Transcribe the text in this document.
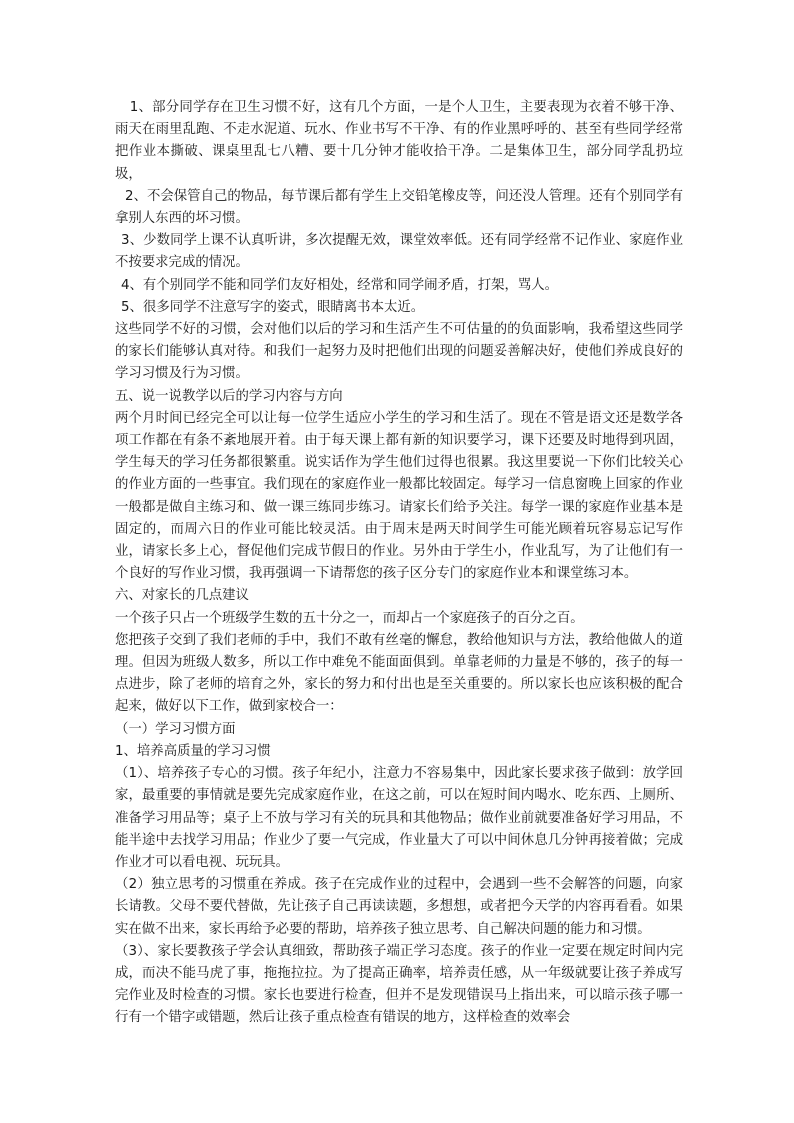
1、部分同学存在卫生习惯不好，这有几个方面，一是个人卫生，主要表现为衣着不够干净、雨天在雨里乱跑、不走水泥道、玩水、作业书写不干净、有的作业黑呼呼的、甚至有些同学经常把作业本撕破、课桌里乱七八糟、要十几分钟才能收拾干净。二是集体卫生，部分同学乱扔垃圾，

2、不会保管自己的物品，每节课后都有学生上交铅笔橡皮等，问还没人管理。还有个别同学有拿别人东西的坏习惯。

3、少数同学上课不认真听讲，多次提醒无效，课堂效率低。还有同学经常不记作业、家庭作业不按要求完成的情况。

4、有个别同学不能和同学们友好相处，经常和同学闹矛盾，打架，骂人。

5、很多同学不注意写字的姿式，眼睛离书本太近。

这些同学不好的习惯，会对他们以后的学习和生活产生不可估量的的负面影响，我希望这些同学的家长们能够认真对待。和我们一起努力及时把他们出现的问题妥善解决好，使他们养成良好的学习习惯及行为习惯。

五、说一说教学以后的学习内容与方向

两个月时间已经完全可以让每一位学生适应小学生的学习和生活了。现在不管是语文还是数学各项工作都在有条不紊地展开着。由于每天课上都有新的知识要学习，课下还要及时地得到巩固，学生每天的学习任务都很繁重。说实话作为学生他们过得也很累。我这里要说一下你们比较关心的作业方面的一些事宜。我们现在的家庭作业一般都比较固定。每学习一信息窗晚上回家的作业一般都是做自主练习和、做一课三练同步练习。请家长们给予关注。每学一课的家庭作业基本是固定的，而周六日的作业可能比较灵活。由于周末是两天时间学生可能光顾着玩容易忘记写作业，请家长多上心，督促他们完成节假日的作业。另外由于学生小，作业乱写，为了让他们有一个良好的写作业习惯，我再强调一下请帮您的孩子区分专门的家庭作业本和课堂练习本。

六、对家长的几点建议

一个孩子只占一个班级学生数的五十分之一，而却占一个家庭孩子的百分之百。

您把孩子交到了我们老师的手中，我们不敢有丝毫的懈怠，教给他知识与方法，教给他做人的道理。但因为班级人数多，所以工作中难免不能面面俱到。单靠老师的力量是不够的，孩子的每一点进步，除了老师的培育之外，家长的努力和付出也是至关重要的。所以家长也应该积极的配合起来，做好以下工作，做到家校合一：

（一）学习习惯方面

1、培养高质量的学习习惯

（1）、培养孩子专心的习惯。孩子年纪小，注意力不容易集中，因此家长要求孩子做到：放学回家，最重要的事情就是要先完成家庭作业，在这之前，可以在短时间内喝水、吃东西、上厕所、准备学习用品等；桌子上不放与学习有关的玩具和其他物品；做作业前就要准备好学习用品，不能半途中去找学习用品；作业少了要一气完成，作业量大了可以中间休息几分钟再接着做；完成作业才可以看电视、玩玩具。

（2）独立思考的习惯重在养成。孩子在完成作业的过程中，会遇到一些不会解答的问题，向家长请教。父母不要代替做，先让孩子自己再读读题，多想想，或者把今天学的内容再看看。如果实在做不出来，家长再给予必要的帮助，培养孩子独立思考、自己解决问题的能力和习惯。

（3）、家长要教孩子学会认真细致，帮助孩子端正学习态度。孩子的作业一定要在规定时间内完成，而决不能马虎了事，拖拖拉拉。为了提高正确率，培养责任感，从一年级就要让孩子养成写完作业及时检查的习惯。家长也要进行检查，但并不是发现错误马上指出来，可以暗示孩子哪一行有一个错字或错题，然后让孩子重点检查有错误的地方，这样检查的效率会
